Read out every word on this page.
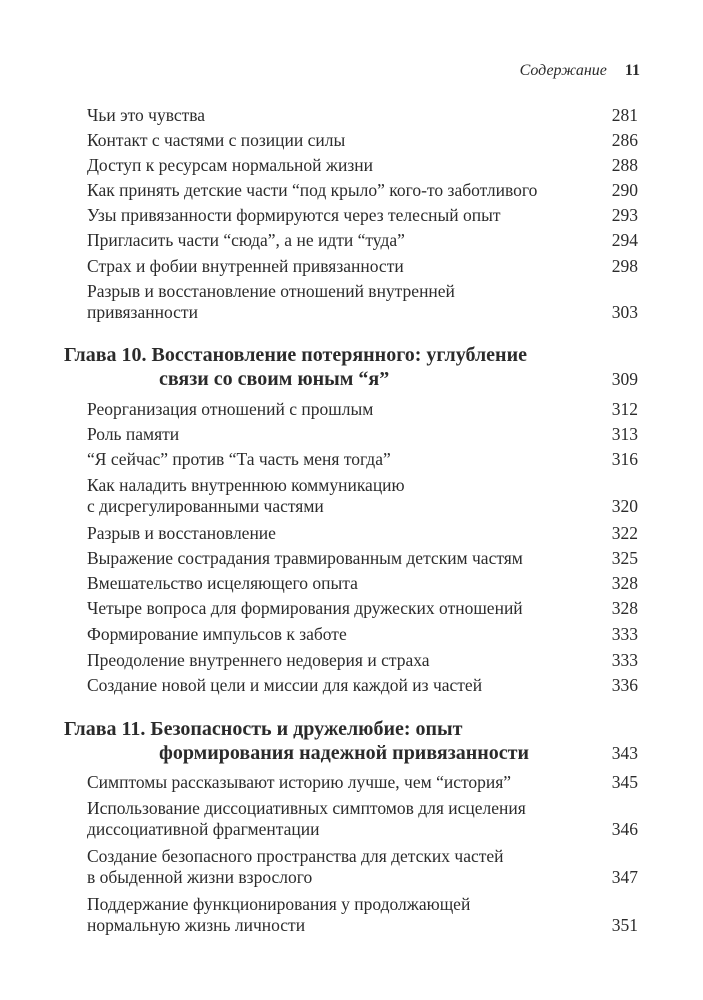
Содержание 11
Чьи это чувства	281
Контакт с частями с позиции силы	286
Доступ к ресурсам нормальной жизни	288
Как принять детские части “под крыло” кого-то заботливого	290
Узы привязанности формируются через телесный опыт	293
Пригласить части “сюда”, а не идти “туда”	294
Страх и фобии внутренней привязанности	298
Разрыв и восстановление отношений внутренней
привязанности	303
Глава 10. Восстановление потерянного: углубление
связи со своим юным “я”	309
Реорганизация отношений с прошлым	312
Роль памяти	313
“Я сейчас” против “Та часть меня тогда”	316
Как наладить внутреннюю коммуникацию
с дисрегулированными частями	320
Разрыв и восстановление	322
Выражение сострадания травмированным детским частям	325
Вмешательство исцеляющего опыта	328
Четыре вопроса для формирования дружеских отношений	328
Формирование импульсов к заботе	333
Преодоление внутреннего недоверия и страха	333
Создание новой цели и миссии для каждой из частей	336
Глава 11. Безопасность и дружелюбие: опыт
формирования надежной привязанности	343
Симптомы рассказывают историю лучше, чем “история”	345
Использование диссоциативных симптомов для исцеления
диссоциативной фрагментации	346
Создание безопасного пространства для детских частей
в обыденной жизни взрослого	347
Поддержание функционирования у продолжающей
нормальную жизнь личности	351
